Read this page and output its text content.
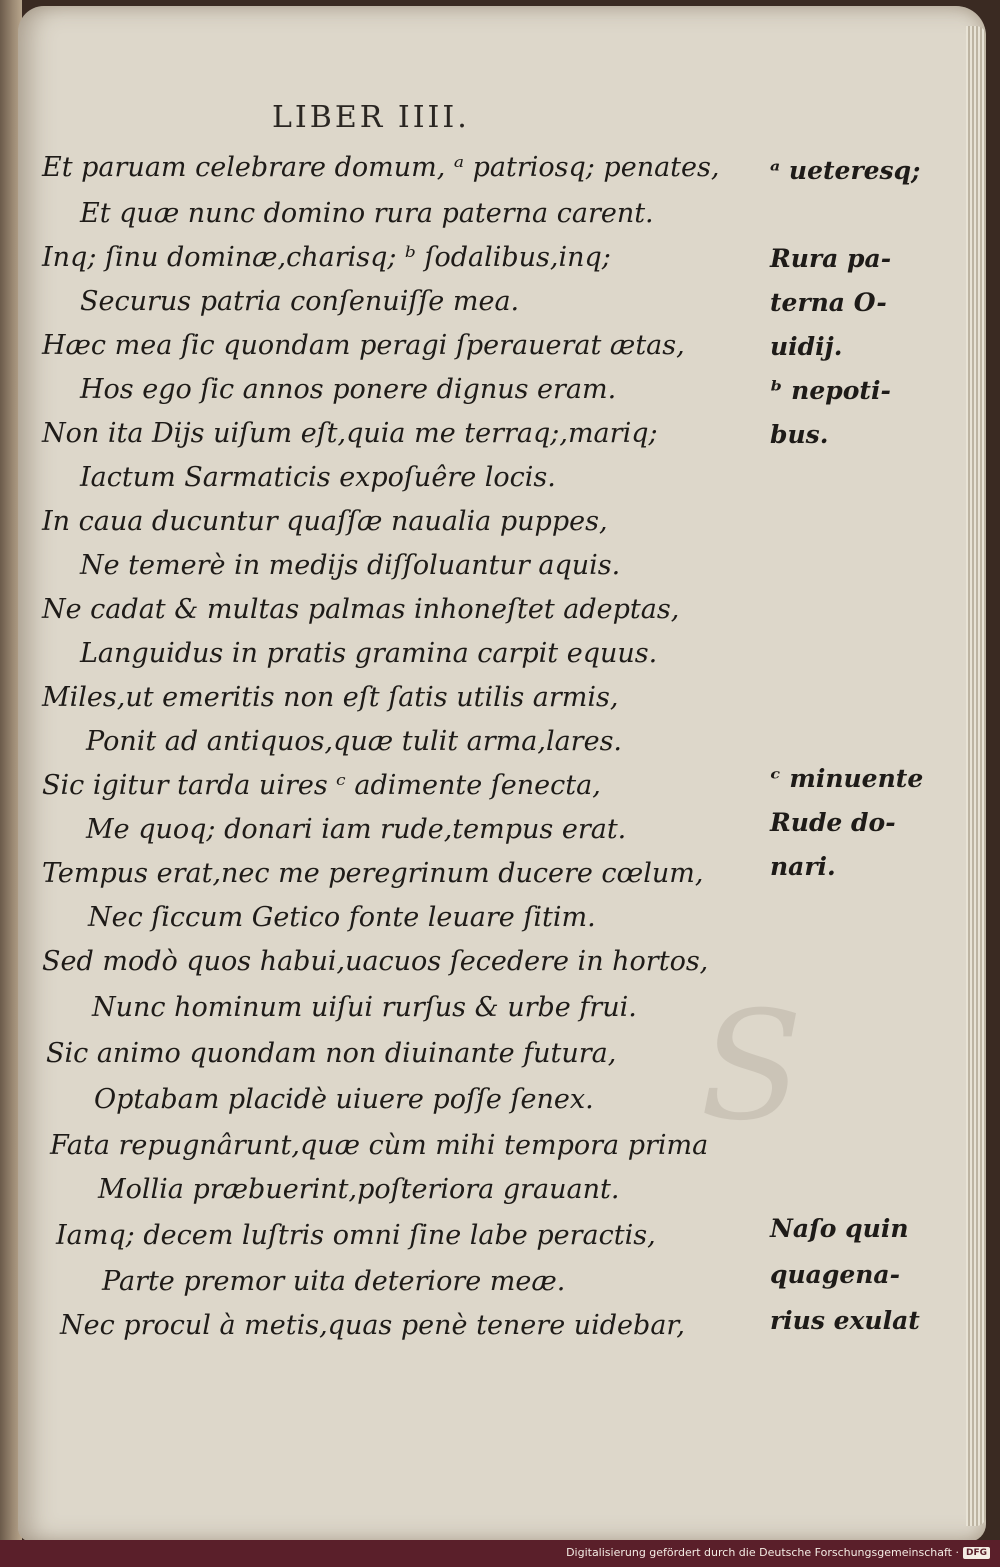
S
LIBER IIII.
Et paruam celebrare domum, ᵃ patriosq; penates,
Et quæ nunc domino rura paterna carent.
Inq; ſinu dominæ,charisq; ᵇ ſodalibus,inq;
Securus patria conſenuiſſe mea.
Hæc mea ſic quondam peragi ſperauerat ætas,
Hos ego ſic annos ponere dignus eram.
Non ita Dijs uiſum eſt,quia me terraq;,mariq;
Iactum Sarmaticis expoſuêre locis.
In caua ducuntur quaſſæ naualia puppes,
Ne temerè in medijs diſſoluantur aquis.
Ne cadat & multas palmas inhoneſtet adeptas,
Languidus in pratis gramina carpit equus.
Miles,ut emeritis non eſt ſatis utilis armis,
Ponit ad antiquos,quæ tulit arma,lares.
Sic igitur tarda uires ᶜ adimente ſenecta,
Me quoq; donari iam rude,tempus erat.
Tempus erat,nec me peregrinum ducere cœlum,
Nec ſiccum Getico fonte leuare ſitim.
Sed modò quos habui,uacuos ſecedere in hortos,
Nunc hominum uiſui rurſus & urbe frui.
Sic animo quondam non diuinante futura,
Optabam placidè uiuere poſſe ſenex.
Fata repugnârunt,quæ cùm mihi tempora prima
Mollia præbuerint,poſteriora grauant.
Iamq; decem luſtris omni ſine labe peractis,
Parte premor uita deteriore meæ.
Nec procul à metis,quas penè tenere uidebar,
ᵃ ueteresq;
Rura pa-
terna O-
uidij.
ᵇ nepoti-
bus.
ᶜ minuente
Rude do-
nari.
Naſo quin
quagena-
rius exulat
Digitalisierung gefördert durch die Deutsche Forschungsgemeinschaft · DFG
